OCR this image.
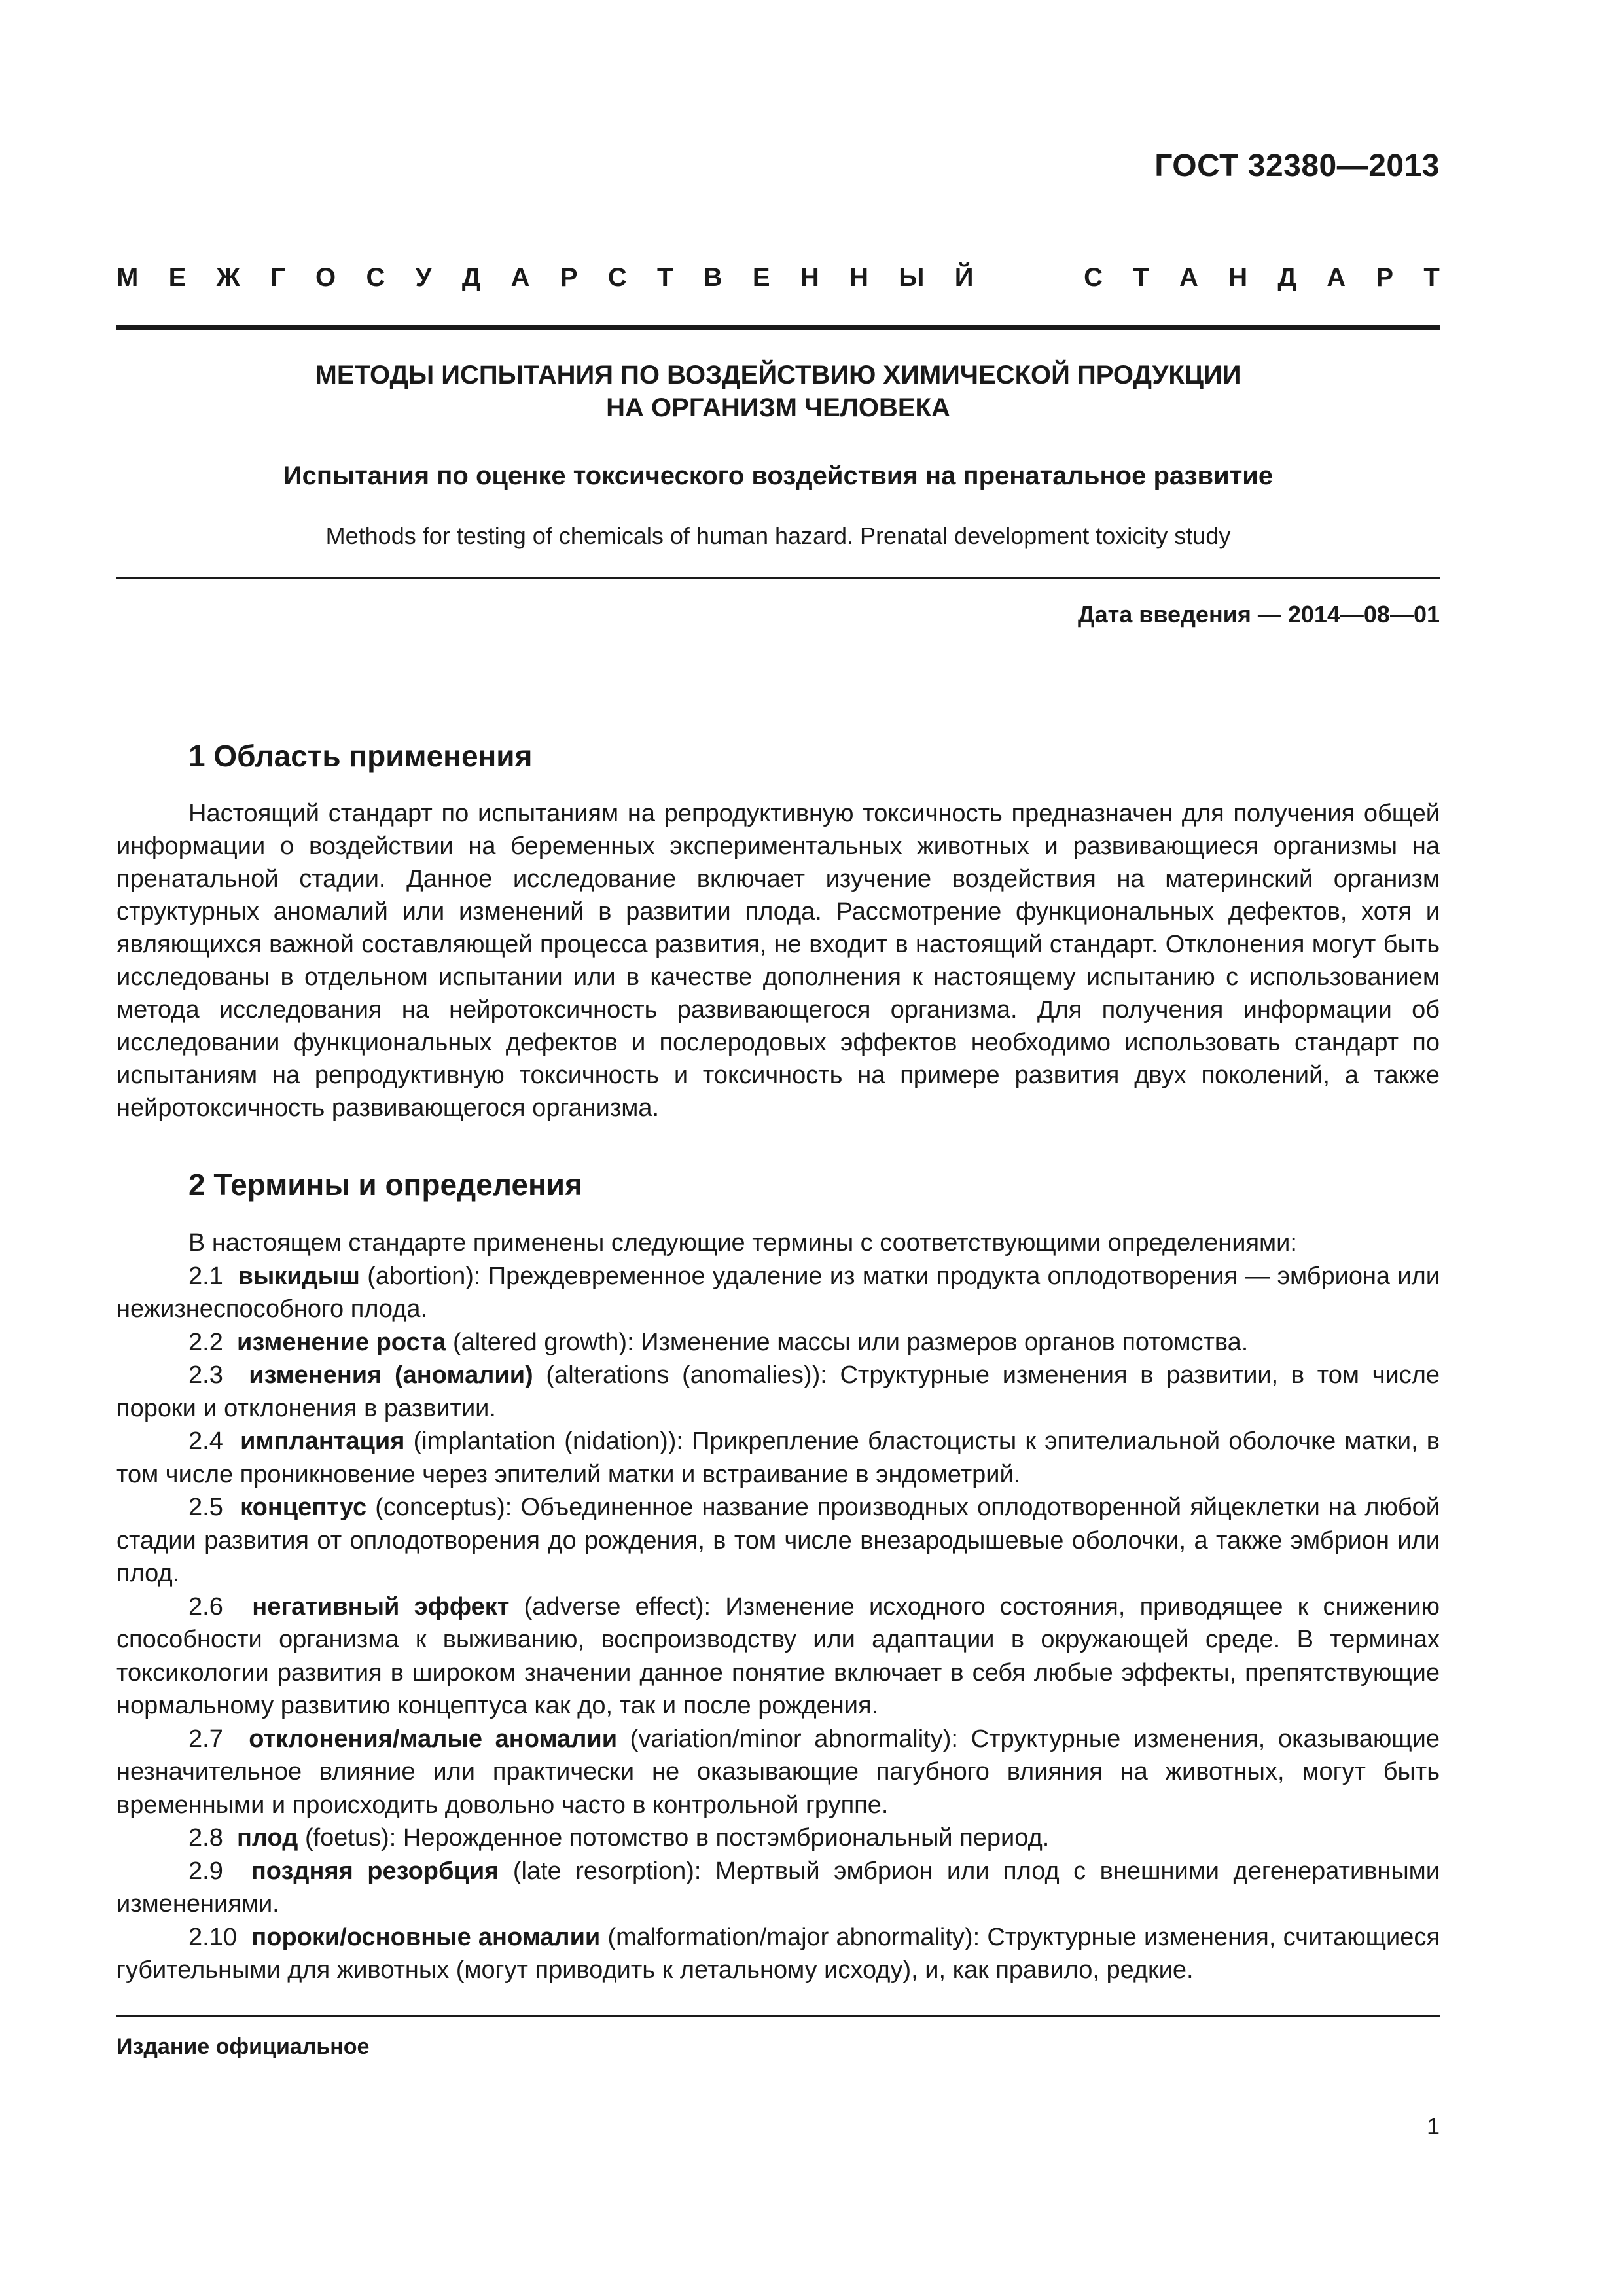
ГОСТ 32380—2013
М Е Ж Г О С У Д А Р С Т В Е Н Н Ы Й	С Т А Н Д А Р Т
МЕТОДЫ ИСПЫТАНИЯ ПО ВОЗДЕЙСТВИЮ ХИМИЧЕСКОЙ ПРОДУКЦИИ
НА ОРГАНИЗМ ЧЕЛОВЕКА
Испытания по оценке токсического воздействия на пренатальное развитие
Methods for testing of chemicals of human hazard. Prenatal development toxicity study
Дата введения — 2014—08—01
1 Область применения

Настоящий стандарт по испытаниям на репродуктивную токсичность предназначен для получения общей информации о воздействии на беременных экспериментальных животных и развивающиеся организмы на пренатальной стадии. Данное исследование включает изучение воздействия на материнский организм структурных аномалий или изменений в развитии плода. Рассмотрение функциональных дефектов, хотя и являющихся важной составляющей процесса развития, не входит в настоящий стандарт. Отклонения могут быть исследованы в отдельном испытании или в качестве дополнения к настоящему испытанию с использованием метода исследования на нейротоксичность развивающегося организма. Для получения информации об исследовании функциональных дефектов и послеродовых эффектов необходимо использовать стандарт по испытаниям на репродуктивную токсичность и токсичность на примере развития двух поколений, а также нейротоксичность развивающегося организма.

2 Термины и определения

В настоящем стандарте применены следующие термины с соответствующими определениями:

2.1 выкидыш (abortion): Преждевременное удаление из матки продукта оплодотворения — эмбриона или нежизнеспособного плода.

2.2 изменение роста (altered growth): Изменение массы или размеров органов потомства.

2.3 изменения (аномалии) (alterations (anomalies)): Структурные изменения в развитии, в том числе пороки и отклонения в развитии.

2.4 имплантация (implantation (nidation)): Прикрепление бластоцисты к эпителиальной оболочке матки, в том числе проникновение через эпителий матки и встраивание в эндометрий.

2.5 концептус (conceptus): Объединенное название производных оплодотворенной яйцеклетки на любой стадии развития от оплодотворения до рождения, в том числе внезародышевые оболочки, а также эмбрион или плод.

2.6 негативный эффект (adverse effect): Изменение исходного состояния, приводящее к снижению способности организма к выживанию, воспроизводству или адаптации в окружающей среде. В терминах токсикологии развития в широком значении данное понятие включает в себя любые эффекты, препятствующие нормальному развитию концептуса как до, так и после рождения.

2.7 отклонения/малые аномалии (variation/minor abnormality): Структурные изменения, оказывающие незначительное влияние или практически не оказывающие пагубного влияния на животных, могут быть временными и происходить довольно часто в контрольной группе.

2.8 плод (foetus): Нерожденное потомство в постэмбриональный период.

2.9 поздняя резорбция (late resorption): Мертвый эмбрион или плод с внешними дегенеративными изменениями.

2.10 пороки/основные аномалии (malformation/major abnormality): Структурные изменения, считающиеся губительными для животных (могут приводить к летальному исходу), и, как правило, редкие.

Издание официальное
1
